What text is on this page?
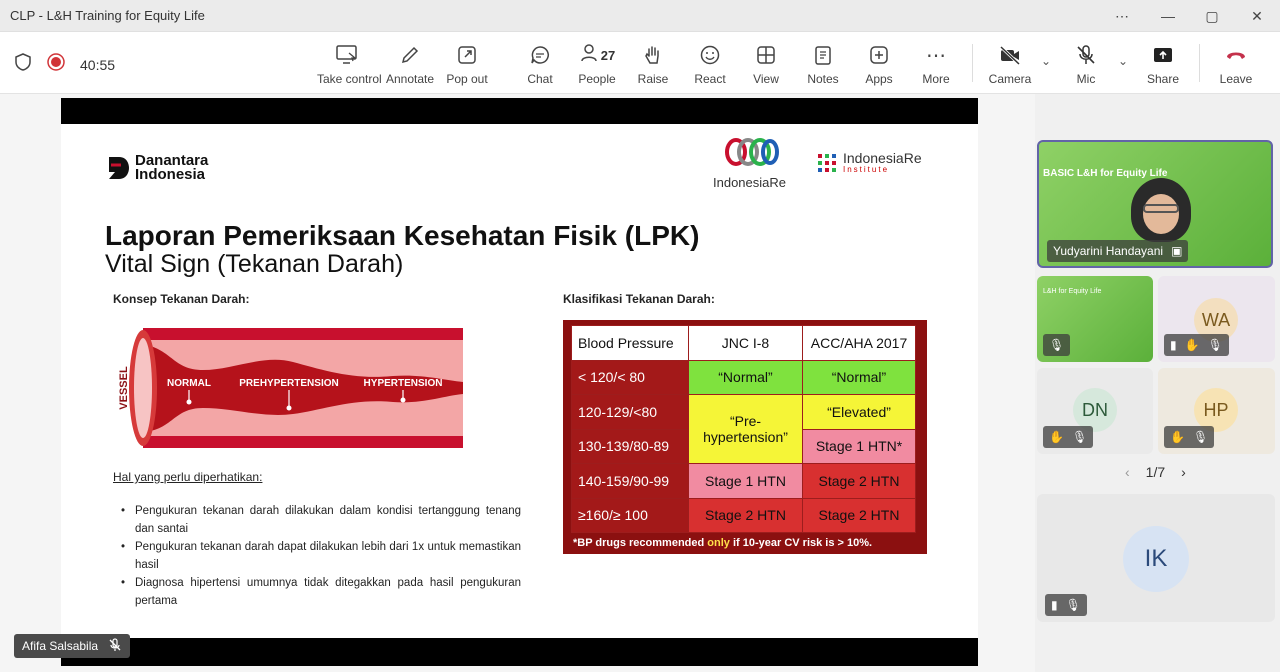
CLP - L&H Training for Equity Life	⋯	—	▢	✕
40:55
Take control Annotate	Pop out	Chat
27
People	Raise	React	View	Notes	Apps
⋯
More	Camera
⌄
Mic
⌄
Share	Leave
Danantara
Indonesia	IndonesiaRe
IndonesiaRe
Institute
Laporan Pemeriksaan Kesehatan Fisik (LPK)
Vital Sign (Tekanan Darah)
Konsep Tekanan Darah:	Klasifikasi Tekanan Darah:
VESSEL	NORMAL	PREHYPERTENSION HYPERTENSION
Hal yang perlu diperhatikan:
• Pengukuran tekanan darah dilakukan dalam kondisi tertanggung tenang dan santai
• Pengukuran tekanan darah dapat dilakukan lebih dari 1x untuk memastikan hasil
• Diagnosa hipertensi umumnya tidak ditegakkan pada hasil pengukuran pertama
Blood Pressure	JNC I-8	ACC/AHA 2017
< 120/< 80	“Normal”	“Normal”
120-129/<80	“Pre-hypertension”	“Elevated”
130-139/80-89		Stage 1 HTN*
140-159/90-99	Stage 1 HTN	Stage 2 HTN
≥160/≥ 100	Stage 2 HTN	Stage 2 HTN
*BP drugs recommended only if 10-year CV risk is > 10%.
Afifa Salsabila
BASIC L&H for Equity Life
Yudyarini Handayani ▣
L&H for Equity Life
🎙︎
WA
▮ ✋ 🎙︎
DN
✋ 🎙︎
HP
✋ 🎙︎
‹ 1/7 ›
IK
▮ 🎙︎
